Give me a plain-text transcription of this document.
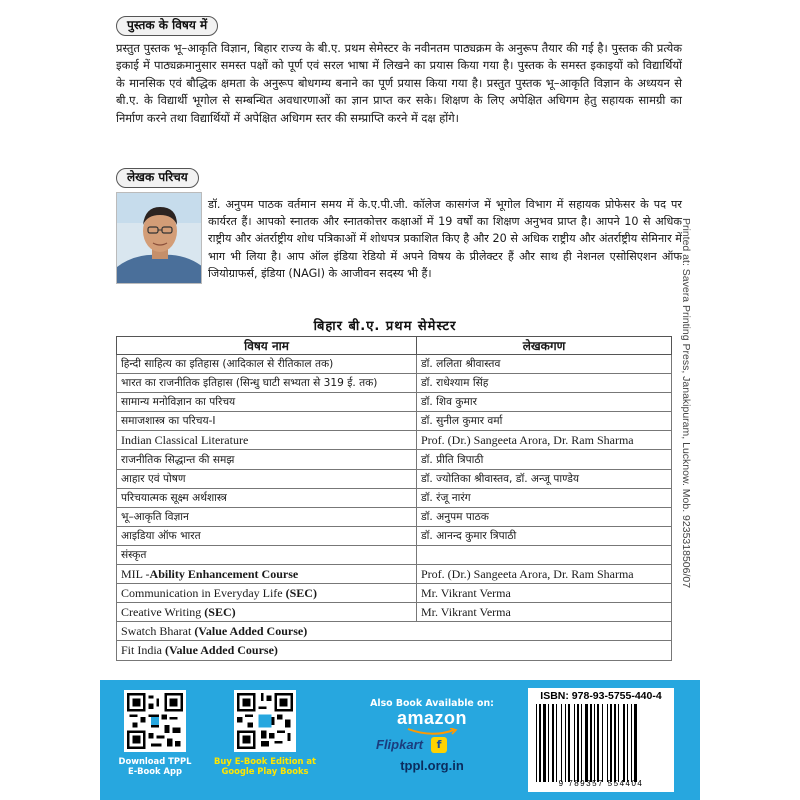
पुस्तक के विषय में
प्रस्तुत पुस्तक भू–आकृति विज्ञान, बिहार राज्य के बी.ए. प्रथम सेमेस्टर के नवीनतम पाठ्यक्रम के अनुरूप तैयार की गई है। पुस्तक की प्रत्येक इकाई में पाठ्यक्रमानुसार समस्त पक्षों को पूर्ण एवं सरल भाषा में लिखने का प्रयास किया गया है। पुस्तक के समस्त इकाइयों को विद्यार्थियों के मानसिक एवं बौद्धिक क्षमता के अनुरूप बोधगम्य बनाने का पूर्ण प्रयास किया गया है। प्रस्तुत पुस्तक भू–आकृति विज्ञान के अध्ययन से बी.ए. के विद्यार्थी भूगोल से सम्बन्धित अवधारणाओं का ज्ञान प्राप्त कर सके। शिक्षण के लिए अपेक्षित अधिगम हेतु सहायक सामग्री का निर्माण करने तथा विद्यार्थियों में अपेक्षित अधिगम स्तर की सम्प्राप्ति करने में दक्ष होंगे।
लेखक परिचय
डॉ. अनुपम पाठक वर्तमान समय में के.ए.पी.जी. कॉलेज कासगंज में भूगोल विभाग में सहायक प्रोफेसर के पद पर कार्यरत हैं। आपको स्नातक और स्नातकोत्तर कक्षाओं में 19 वर्षों का शिक्षण अनुभव प्राप्त है। आपने 10 से अधिक राष्ट्रीय और अंतर्राष्ट्रीय शोध पत्रिकाओं में शोधपत्र प्रकाशित किए है और 20 से अधिक राष्ट्रीय और अंतर्राष्ट्रीय सेमिनार में भाग भी लिया है। आप ऑल इंडिया रेडियो में अपने विषय के प्रीलेक्टर हैं और साथ ही नेशनल एसोसिएशन ऑफ जियोग्राफर्स, इंडिया (NAGI) के आजीवन सदस्य भी हैं।	Printed at: Savera Printing Press, Janakipuram, Lucknow. Mob. 9235318506/07
बिहार बी.ए. प्रथम सेमेस्टर
विषय नाम	लेखकगण
हिन्दी साहित्य का इतिहास (आदिकाल से रीतिकाल तक)	डॉ. ललिता श्रीवास्तव
भारत का राजनीतिक इतिहास (सिन्धु घाटी सभ्यता से 319 ई. तक)	डॉ. राधेश्याम सिंह
सामान्य मनोविज्ञान का परिचय	डॉ. शिव कुमार
समाजशास्त्र का परिचय-I	डॉ. सुनील कुमार वर्मा
Indian Classical Literature	Prof. (Dr.) Sangeeta Arora, Dr. Ram Sharma
राजनीतिक सिद्धान्त की समझ	डॉ. प्रीति त्रिपाठी
आहार एवं पोषण	डॉ. ज्योतिका श्रीवास्तव, डॉ. अन्जू पाण्डेय
परिचयात्मक सूक्ष्म अर्थशास्त्र	डॉ. रंजू नारंग
भू–आकृति विज्ञान	डॉ. अनुपम पाठक
आइडिया ऑफ भारत	डॉ. आनन्द कुमार त्रिपाठी
संस्कृत	
MIL -Ability Enhancement Course	Prof. (Dr.) Sangeeta Arora, Dr. Ram Sharma
Communication in Everyday Life (SEC)	Mr. Vikrant Verma
Creative Writing (SEC)	Mr. Vikrant Verma
Swatch Bharat (Value Added Course)	
Fit India (Value Added Course)	
Download TPPL
E-Book App
Buy E-Book Edition at
Google Play Books
Also Book Available on:
amazon
Flipkart f
tppl.org.in
ISBN: 978-93-5755-440-4
9 789357 554404
